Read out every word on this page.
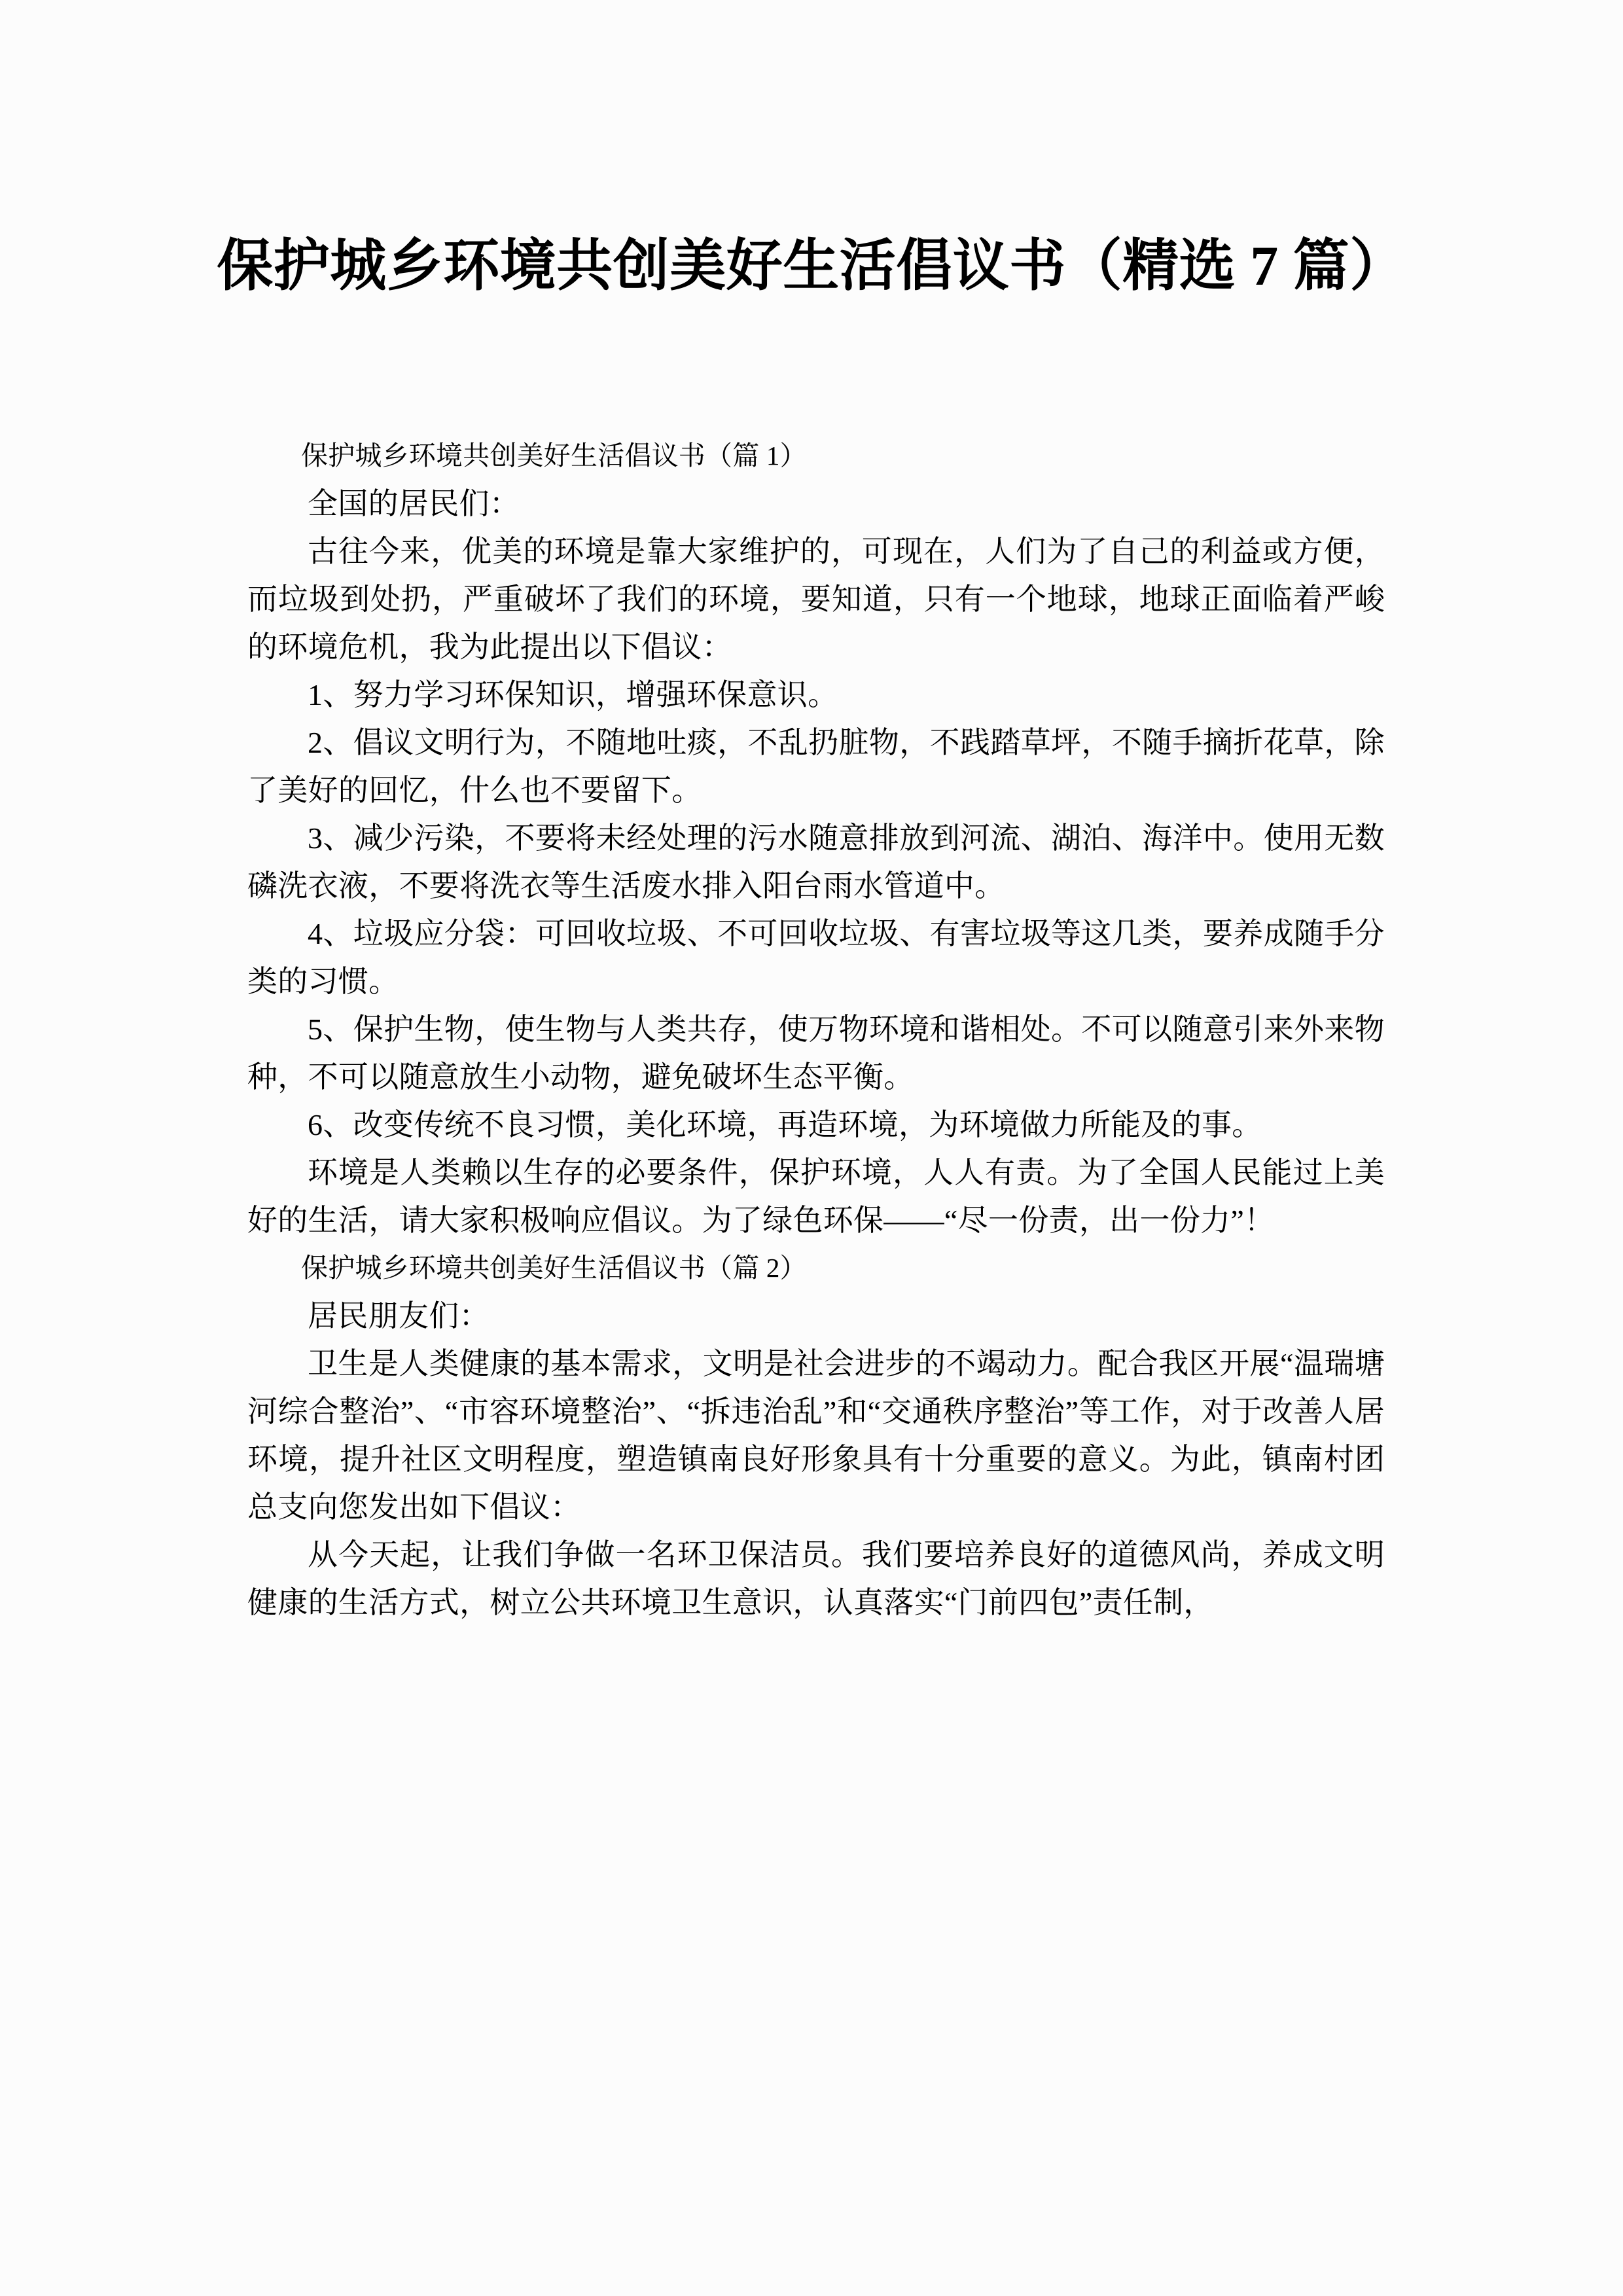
保护城乡环境共创美好生活倡议书（精选 7 篇）

保护城乡环境共创美好生活倡议书（篇 1）

全国的居民们：

古往今来，优美的环境是靠大家维护的，可现在，人们为了自己的利益或方便，而垃圾到处扔，严重破坏了我们的环境，要知道，只有一个地球，地球正面临着严峻的环境危机，我为此提出以下倡议：

1、努力学习环保知识，增强环保意识。

2、倡议文明行为，不随地吐痰，不乱扔脏物，不践踏草坪，不随手摘折花草，除了美好的回忆，什么也不要留下。

3、减少污染，不要将未经处理的污水随意排放到河流、湖泊、海洋中。使用无数磷洗衣液，不要将洗衣等生活废水排入阳台雨水管道中。

4、垃圾应分袋：可回收垃圾、不可回收垃圾、有害垃圾等这几类，要养成随手分类的习惯。

5、保护生物，使生物与人类共存，使万物环境和谐相处。不可以随意引来外来物种，不可以随意放生小动物，避免破坏生态平衡。

6、改变传统不良习惯，美化环境，再造环境，为环境做力所能及的事。

环境是人类赖以生存的必要条件，保护环境，人人有责。为了全国人民能过上美好的生活，请大家积极响应倡议。为了绿色环保——“尽一份责，出一份力”！

保护城乡环境共创美好生活倡议书（篇 2）

居民朋友们：

卫生是人类健康的基本需求，文明是社会进步的不竭动力。配合我区开展“温瑞塘河综合整治”、“市容环境整治”、“拆违治乱”和“交通秩序整治”等工作，对于改善人居环境，提升社区文明程度，塑造镇南良好形象具有十分重要的意义。为此，镇南村团总支向您发出如下倡议：

从今天起，让我们争做一名环卫保洁员。我们要培养良好的道德风尚，养成文明健康的生活方式，树立公共环境卫生意识，认真落实“门前四包”责任制，
